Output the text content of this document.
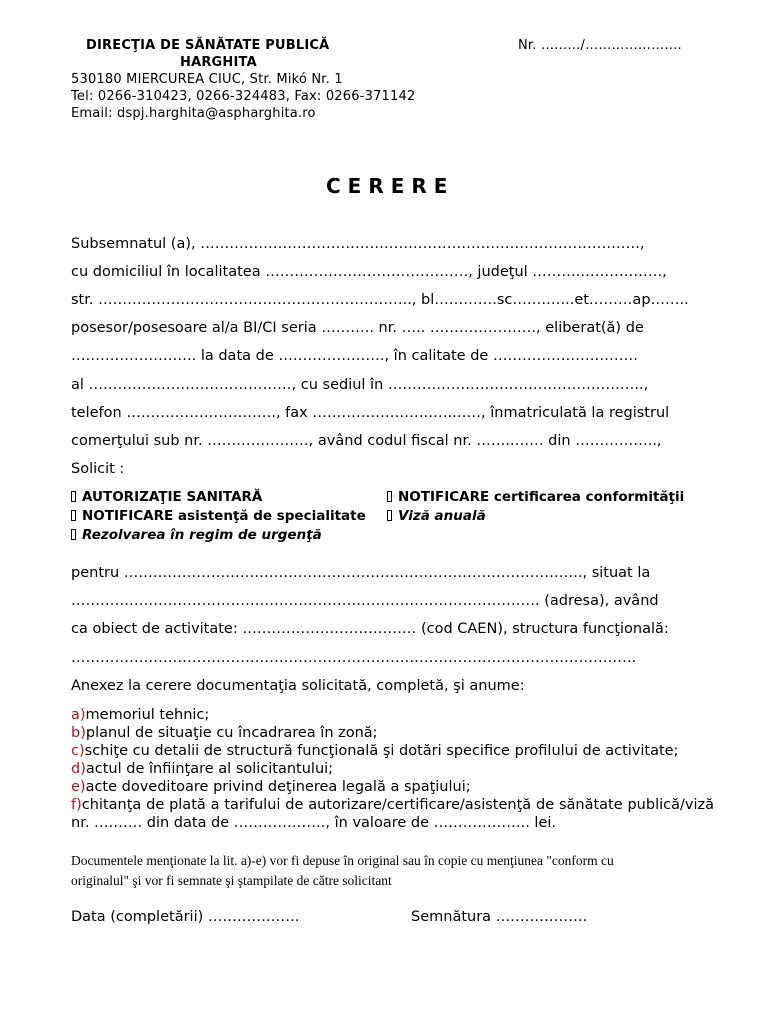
DIRECŢIA DE SĂNĂTATE PUBLICĂ
HARGHITA
Nr. ………/………………….
530180 MIERCUREA CIUC, Str. Mikó Nr. 1
Tel: 0266-310423, 0266-324483, Fax: 0266-371142
Email: dspj.harghita@aspharghita.ro
CERERE
Subsemnatul (a), ……………………………………………………………………………….,
cu domiciliul în localitatea ……………………………………, judeţul ………..…………….,
str. ……………………………………………………….., bl………….sc…….…...et………ap……..
posesor/posesoare al/a BI/CI seria ……….. nr. ….. …………………., eliberat(ă) de
…………………….. la data de …………………., în calitate de …………………………
al ……………………………………, cu sediul în ……………………………………………..,
telefon …………………………., fax …………………….….……, înmatriculată la registrul
comerţului sub nr. …………………, având codul fiscal nr. ……..…… din ……………..,
Solicit :
AUTORIZAŢIE SANITARĂ	NOTIFICARE certificarea conformităţii
NOTIFICARE asistenţă de specialitate	Viză anuală
Rezolvarea în regim de urgenţă
pentru ………………………………………………………………………………….., situat la
……………………………………………………………………………………. (adresa), având
ca obiect de activitate: ……………………………… (cod CAEN), structura funcţională:
………………………………………………………………………………………………………
Anexez la cerere documentaţia solicitată, completă, şi anume:
a)memoriul tehnic;
b)planul de situaţie cu încadrarea în zonă;
c)schiţe cu detalii de structură funcţională şi dotări specifice profilului de activitate;
d)actul de înfiinţare al solicitantului;
e)acte doveditoare privind deţinerea legală a spaţiului;
f)chitanţa de plată a tarifului de autorizare/certificare/asistenţă de sănătate publică/viză nr. ………. din data de ………………., în valoare de ……………….. lei.
Documentele menţionate la lit. a)-e) vor fi depuse în original sau în copie cu menţiunea "conform cu originalul" şi vor fi semnate şi ştampilate de către solicitant
Data (completării) ……………….	Semnătura ……………….
